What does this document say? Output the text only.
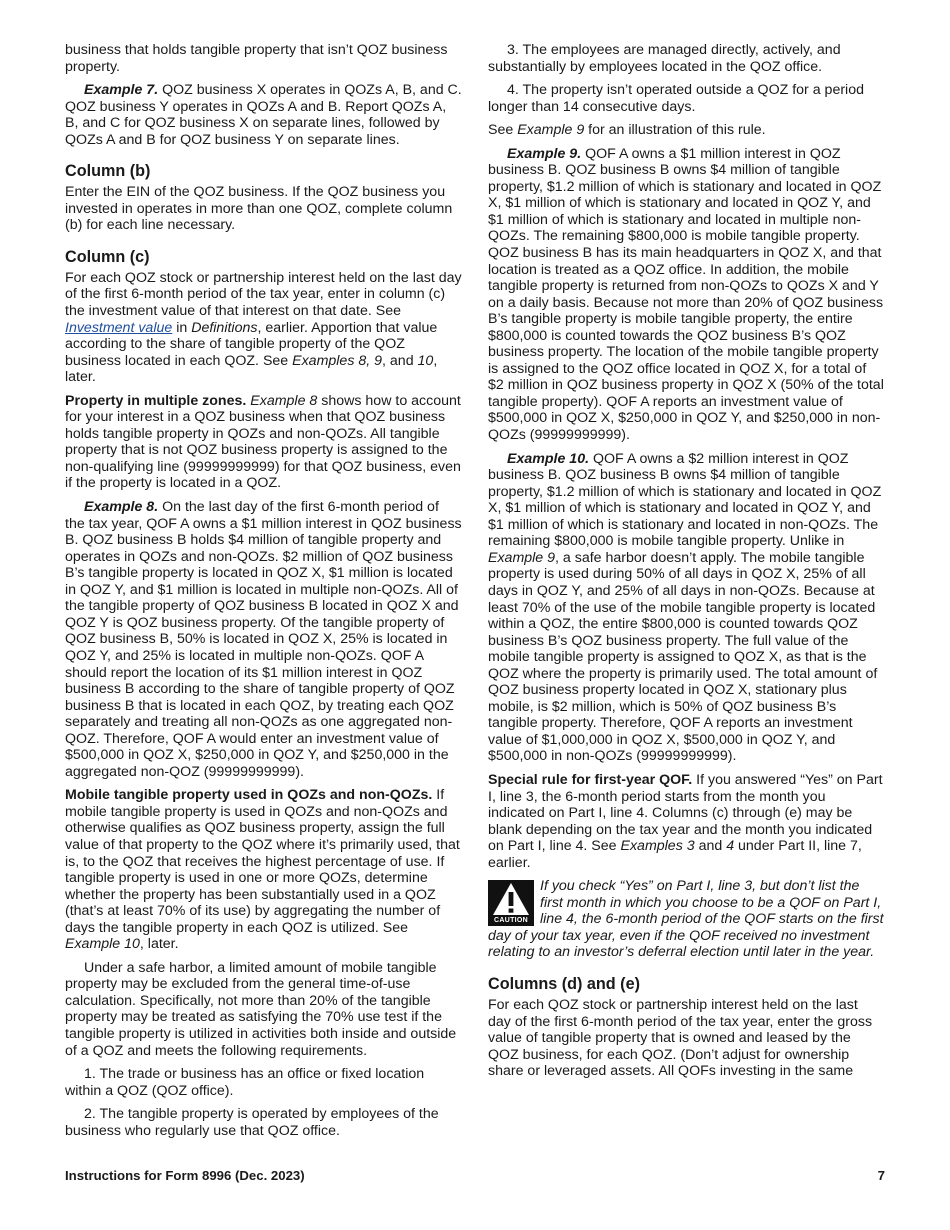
business that holds tangible property that isn’t QOZ business property.

Example 7. QOZ business X operates in QOZs A, B, and C. QOZ business Y operates in QOZs A and B. Report QOZs A, B, and C for QOZ business X on separate lines, followed by QOZs A and B for QOZ business Y on separate lines.

Column (b)

Enter the EIN of the QOZ business. If the QOZ business you invested in operates in more than one QOZ, complete column (b) for each line necessary.

Column (c)

For each QOZ stock or partnership interest held on the last day of the first 6-month period of the tax year, enter in column (c) the investment value of that interest on that date. See Investment value in Definitions, earlier. Apportion that value according to the share of tangible property of the QOZ business located in each QOZ. See Examples 8, 9, and 10, later.

Property in multiple zones. Example 8 shows how to account for your interest in a QOZ business when that QOZ business holds tangible property in QOZs and non-QOZs. All tangible property that is not QOZ business property is assigned to the non-qualifying line (99999999999) for that QOZ business, even if the property is located in a QOZ.

Example 8. On the last day of the first 6-month period of the tax year, QOF A owns a $1 million interest in QOZ business B. QOZ business B holds $4 million of tangible property and operates in QOZs and non-QOZs. $2 million of QOZ business B’s tangible property is located in QOZ X, $1 million is located in QOZ Y, and $1 million is located in multiple non-QOZs. All of the tangible property of QOZ business B located in QOZ X and QOZ Y is QOZ business property. Of the tangible property of QOZ business B, 50% is located in QOZ X, 25% is located in QOZ Y, and 25% is located in multiple non-QOZs. QOF A should report the location of its $1 million interest in QOZ business B according to the share of tangible property of QOZ business B that is located in each QOZ, by treating each QOZ separately and treating all non-QOZs as one aggregated non-QOZ. Therefore, QOF A would enter an investment value of $500,000 in QOZ X, $250,000 in QOZ Y, and $250,000 in the aggregated non-QOZ (99999999999).

Mobile tangible property used in QOZs and non-QOZs. If mobile tangible property is used in QOZs and non-QOZs and otherwise qualifies as QOZ business property, assign the full value of that property to the QOZ where it’s primarily used, that is, to the QOZ that receives the highest percentage of use. If tangible property is used in one or more QOZs, determine whether the property has been substantially used in a QOZ (that’s at least 70% of its use) by aggregating the number of days the tangible property in each QOZ is utilized. See Example 10, later.

Under a safe harbor, a limited amount of mobile tangible property may be excluded from the general time-of-use calculation. Specifically, not more than 20% of the tangible property may be treated as satisfying the 70% use test if the tangible property is utilized in activities both inside and outside of a QOZ and meets the following requirements.

1. The trade or business has an office or fixed location within a QOZ (QOZ office).

2. The tangible property is operated by employees of the business who regularly use that QOZ office.

3. The employees are managed directly, actively, and substantially by employees located in the QOZ office.

4. The property isn’t operated outside a QOZ for a period longer than 14 consecutive days.

See Example 9 for an illustration of this rule.

Example 9. QOF A owns a $1 million interest in QOZ business B. QOZ business B owns $4 million of tangible property, $1.2 million of which is stationary and located in QOZ X, $1 million of which is stationary and located in QOZ Y, and $1 million of which is stationary and located in multiple non-QOZs. The remaining $800,000 is mobile tangible property. QOZ business B has its main headquarters in QOZ X, and that location is treated as a QOZ office. In addition, the mobile tangible property is returned from non-QOZs to QOZs X and Y on a daily basis. Because not more than 20% of QOZ business B’s tangible property is mobile tangible property, the entire $800,000 is counted towards the QOZ business B’s QOZ business property. The location of the mobile tangible property is assigned to the QOZ office located in QOZ X, for a total of $2 million in QOZ business property in QOZ X (50% of the total tangible property). QOF A reports an investment value of $500,000 in QOZ X, $250,000 in QOZ Y, and $250,000 in non-QOZs (99999999999).

Example 10. QOF A owns a $2 million interest in QOZ business B. QOZ business B owns $4 million of tangible property, $1.2 million of which is stationary and located in QOZ X, $1 million of which is stationary and located in QOZ Y, and $1 million of which is stationary and located in non-QOZs. The remaining $800,000 is mobile tangible property. Unlike in Example 9, a safe harbor doesn’t apply. The mobile tangible property is used during 50% of all days in QOZ X, 25% of all days in QOZ Y, and 25% of all days in non-QOZs. Because at least 70% of the use of the mobile tangible property is located within a QOZ, the entire $800,000 is counted towards QOZ business B’s QOZ business property. The full value of the mobile tangible property is assigned to QOZ X, as that is the QOZ where the property is primarily used. The total amount of QOZ business property located in QOZ X, stationary plus mobile, is $2 million, which is 50% of QOZ business B’s tangible property. Therefore, QOF A reports an investment value of $1,000,000 in QOZ X, $500,000 in QOZ Y, and $500,000 in non-QOZs (99999999999).

Special rule for first-year QOF. If you answered “Yes” on Part I, line 3, the 6-month period starts from the month you indicated on Part I, line 4. Columns (c) through (e) may be blank depending on the tax year and the month you indicated on Part I, line 4. See Examples 3 and 4 under Part II, line 7, earlier.

CAUTION
If you check “Yes” on Part I, line 3, but don’t list the first month in which you choose to be a QOF on Part I, line 4, the 6-month period of the QOF starts on the first day of your tax year, even if the QOF received no investment relating to an investor’s deferral election until later in the year.
Columns (d) and (e)

For each QOZ stock or partnership interest held on the last day of the first 6-month period of the tax year, enter the gross value of tangible property that is owned and leased by the QOZ business, for each QOZ. (Don’t adjust for ownership share or leveraged assets. All QOFs investing in the same

Instructions for Form 8996 (Dec. 2023)	7
